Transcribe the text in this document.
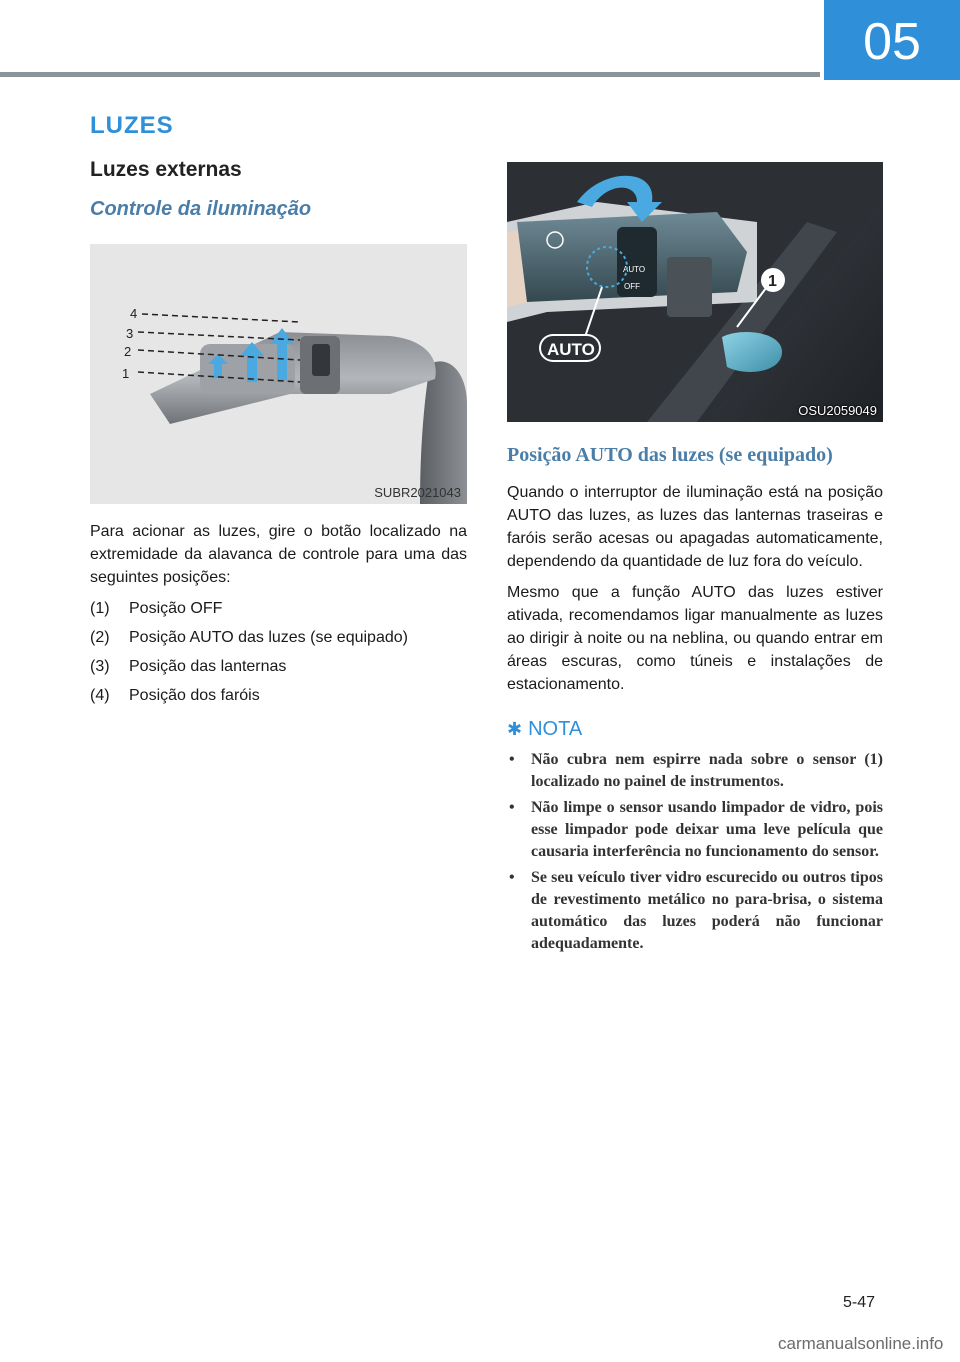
05
LUZES
Luzes externas
Controle da iluminação
1
2
3
4
SUBR2021043
AUTO
OFF	1
AUTO
OSU2059049

Para acionar as luzes, gire o botão localizado na extremidade da alavanca de controle para uma das seguintes posições:

(1)	Posição OFF
(2)	Posição AUTO das luzes (se equipado)
(3)	Posição das lanternas
(4)	Posição dos faróis
Posição AUTO das luzes (se equipado)

Quando o interruptor de iluminação está na posição AUTO das luzes, as luzes das lanternas traseiras e faróis serão acesas ou apagadas automaticamente, dependendo da quantidade de luz fora do veículo.

Mesmo que a função AUTO das luzes estiver ativada, recomendamos ligar manualmente as luzes ao dirigir à noite ou na neblina, ou quando entrar em áreas escuras, como túneis e instalações de estacionamento.

✱ NOTA
•	Não cubra nem espirre nada sobre o sensor (1) localizado no painel de instrumentos.
•	Não limpe o sensor usando limpador de vidro, pois esse limpador pode deixar uma leve película que causaria interferência no funcionamento do sensor.
•	Se seu veículo tiver vidro escurecido ou outros tipos de revestimento metálico no para-brisa, o sistema automático das luzes poderá não funcionar adequadamente.
5-47
carmanualsonline.info
